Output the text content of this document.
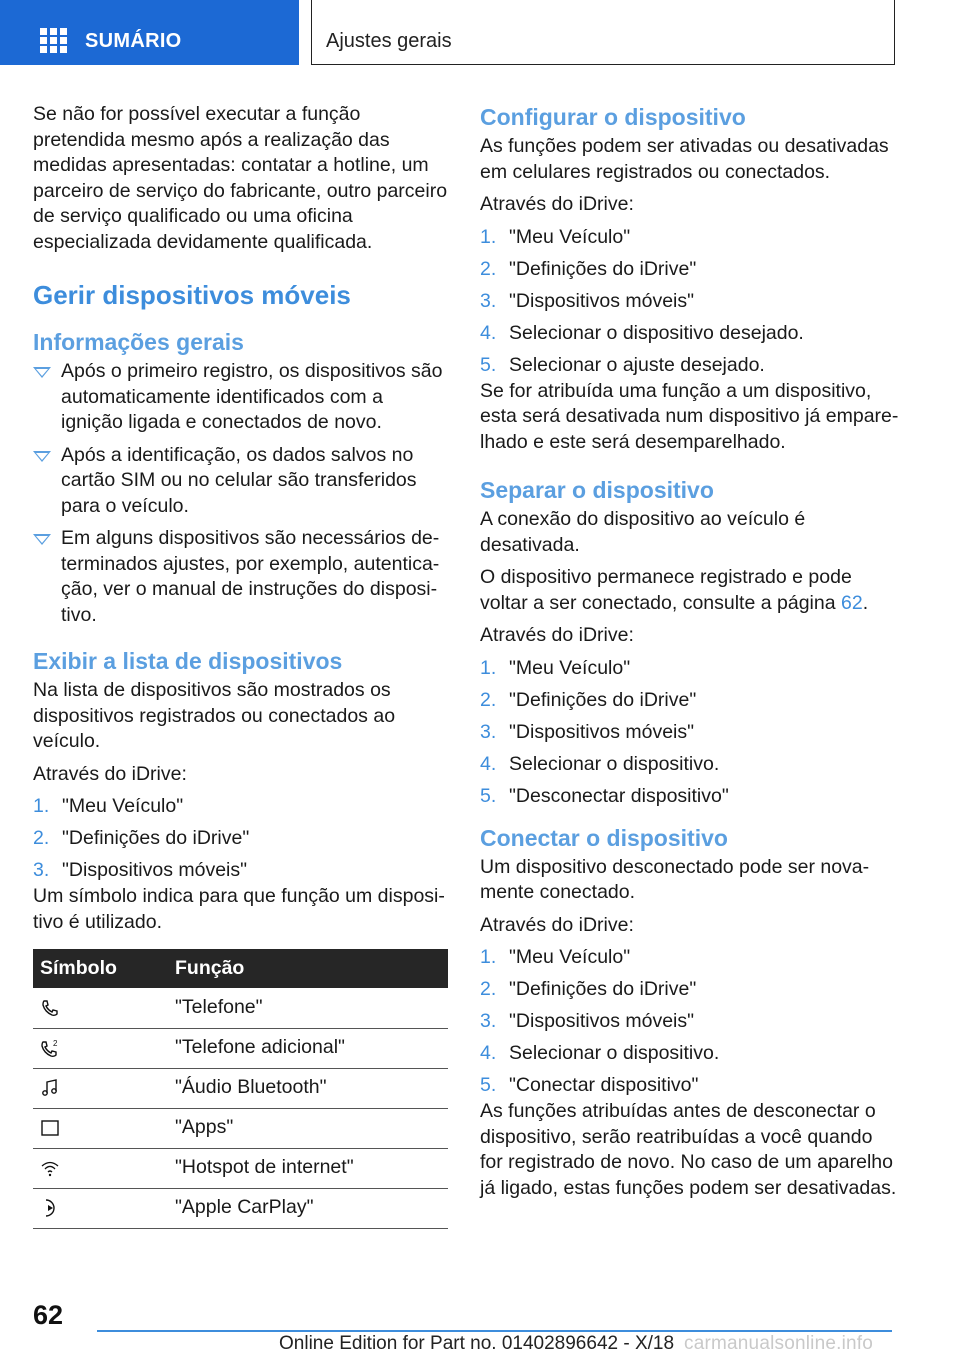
SUMÁRIO	Ajustes gerais

Se não for possível executar a função pretendida mesmo após a realização das medidas apresentadas: contatar a hotline, um parceiro de serviço do fabricante, outro parceiro de serviço qualificado ou uma oficina especializada devidamente qualificada.

Gerir dispositivos móveis
Informações gerais
Após o primeiro registro, os dispositivos são automaticamente identificados com a ignição ligada e conectados de novo.
Após a identificação, os dados salvos no cartão SIM ou no celular são transferidos para o veículo.
Em alguns dispositivos são necessários determinados ajustes, por exemplo, autenticação, ver o manual de instruções do dispositivo.
Exibir a lista de dispositivos

Na lista de dispositivos são mostrados os dispositivos registrados ou conectados ao veículo.

Através do iDrive:

1. "Meu Veículo"
2. "Definições do iDrive"
3. "Dispositivos móveis"

Um símbolo indica para que função um dispositivo é utilizado.

Símbolo	Função
	"Telefone"

2	"Telefone adicional"
	"Áudio Bluetooth"
	"Apps"
	"Hotspot de internet"
	"Apple CarPlay"
Configurar o dispositivo

As funções podem ser ativadas ou desativadas em celulares registrados ou conectados.

Através do iDrive:

1. "Meu Veículo"
2. "Definições do iDrive"
3. "Dispositivos móveis"
4. Selecionar o dispositivo desejado.
5. Selecionar o ajuste desejado.

Se for atribuída uma função a um dispositivo, esta será desativada num dispositivo já emparelhado e este será desemparelhado.

Separar o dispositivo

A conexão do dispositivo ao veículo é desativada.

O dispositivo permanece registrado e pode voltar a ser conectado, consulte a página 62.

Através do iDrive:

1. "Meu Veículo"
2. "Definições do iDrive"
3. "Dispositivos móveis"
4. Selecionar o dispositivo.
5. "Desconectar dispositivo"
Conectar o dispositivo

Um dispositivo desconectado pode ser novamente conectado.

Através do iDrive:

1. "Meu Veículo"
2. "Definições do iDrive"
3. "Dispositivos móveis"
4. Selecionar o dispositivo.
5. "Conectar dispositivo"

As funções atribuídas antes de desconectar o dispositivo, serão reatribuídas a você quando for registrado de novo. No caso de um aparelho já ligado, estas funções podem ser desativadas.

62
Online Edition for Part no. 01402896642 - X/18 carmanualsonline.info
